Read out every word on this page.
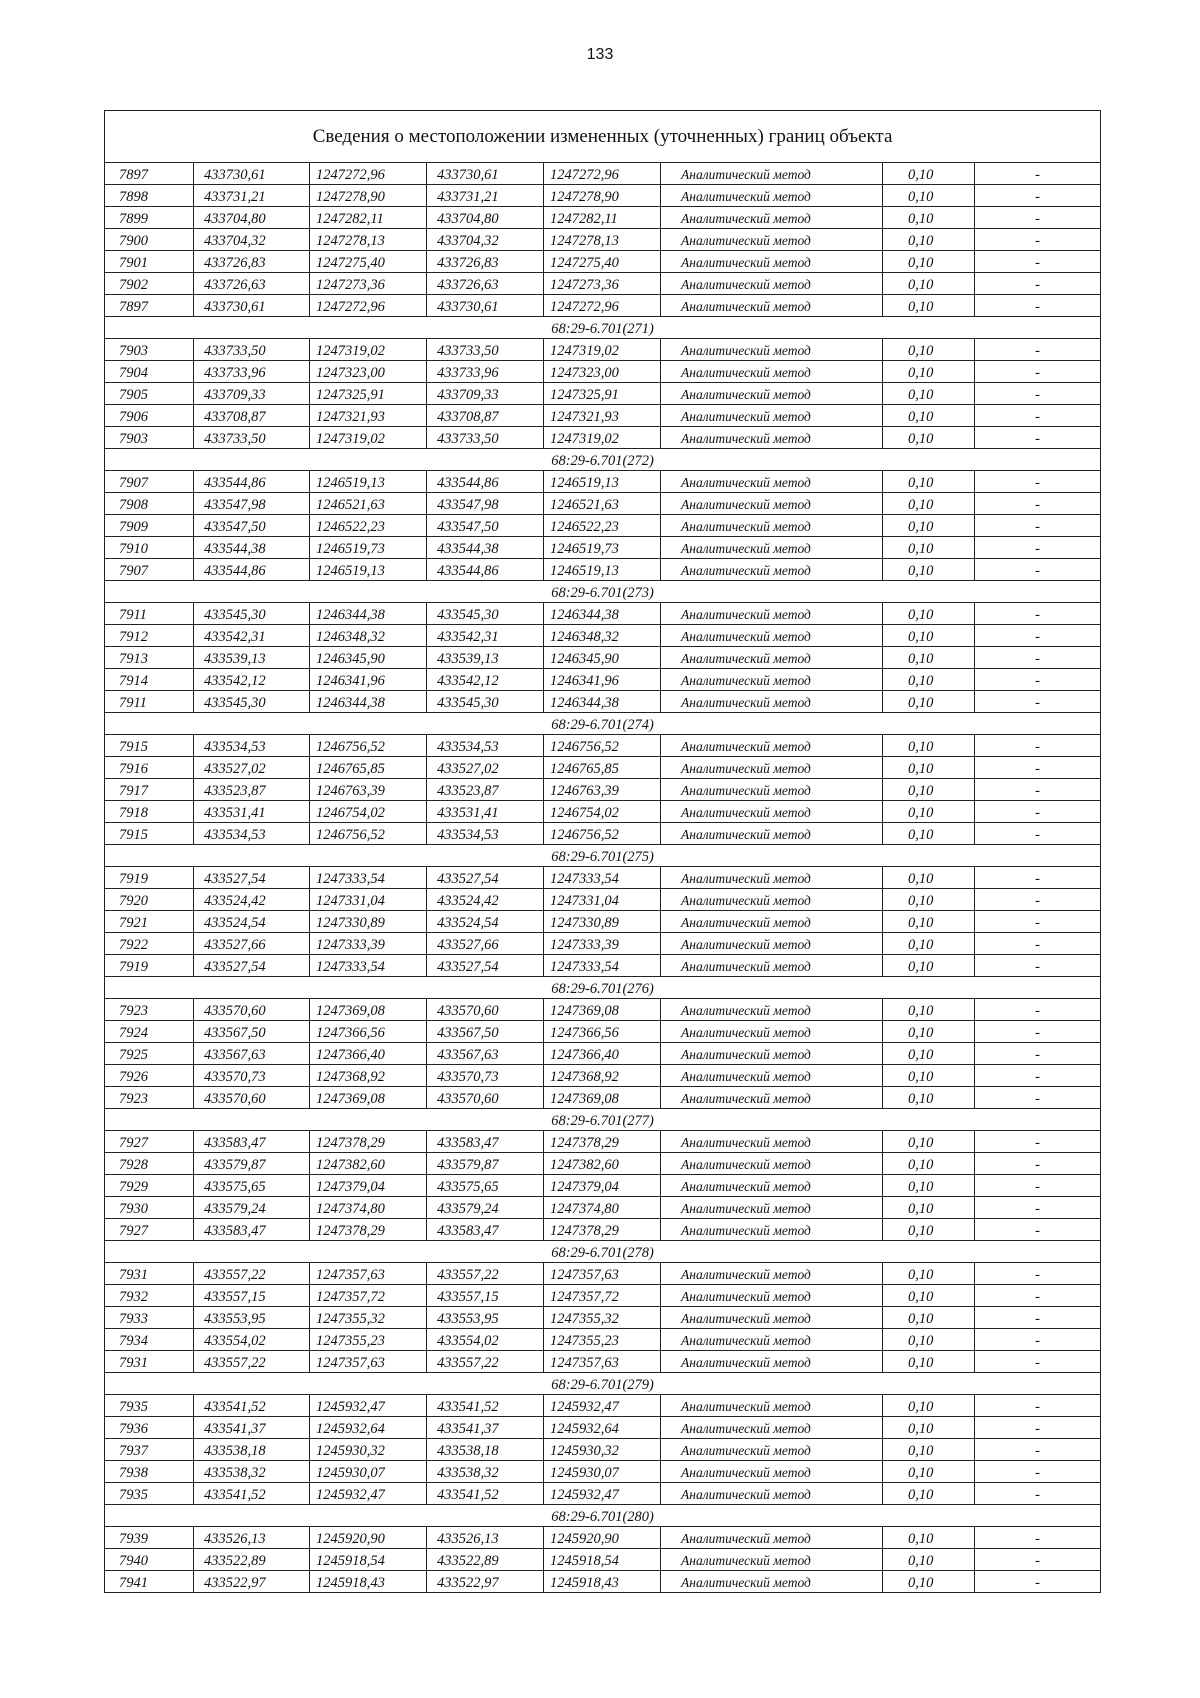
133
Сведения о местоположении измененных (уточненных) границ объекта							
7897	433730,61	1247272,96	433730,61	1247272,96	Аналитический метод	0,10	-
7898	433731,21	1247278,90	433731,21	1247278,90	Аналитический метод	0,10	-
7899	433704,80	1247282,11	433704,80	1247282,11	Аналитический метод	0,10	-
7900	433704,32	1247278,13	433704,32	1247278,13	Аналитический метод	0,10	-
7901	433726,83	1247275,40	433726,83	1247275,40	Аналитический метод	0,10	-
7902	433726,63	1247273,36	433726,63	1247273,36	Аналитический метод	0,10	-
7897	433730,61	1247272,96	433730,61	1247272,96	Аналитический метод	0,10	-
68:29-6.701(271)							
7903	433733,50	1247319,02	433733,50	1247319,02	Аналитический метод	0,10	-
7904	433733,96	1247323,00	433733,96	1247323,00	Аналитический метод	0,10	-
7905	433709,33	1247325,91	433709,33	1247325,91	Аналитический метод	0,10	-
7906	433708,87	1247321,93	433708,87	1247321,93	Аналитический метод	0,10	-
7903	433733,50	1247319,02	433733,50	1247319,02	Аналитический метод	0,10	-
68:29-6.701(272)							
7907	433544,86	1246519,13	433544,86	1246519,13	Аналитический метод	0,10	-
7908	433547,98	1246521,63	433547,98	1246521,63	Аналитический метод	0,10	-
7909	433547,50	1246522,23	433547,50	1246522,23	Аналитический метод	0,10	-
7910	433544,38	1246519,73	433544,38	1246519,73	Аналитический метод	0,10	-
7907	433544,86	1246519,13	433544,86	1246519,13	Аналитический метод	0,10	-
68:29-6.701(273)							
7911	433545,30	1246344,38	433545,30	1246344,38	Аналитический метод	0,10	-
7912	433542,31	1246348,32	433542,31	1246348,32	Аналитический метод	0,10	-
7913	433539,13	1246345,90	433539,13	1246345,90	Аналитический метод	0,10	-
7914	433542,12	1246341,96	433542,12	1246341,96	Аналитический метод	0,10	-
7911	433545,30	1246344,38	433545,30	1246344,38	Аналитический метод	0,10	-
68:29-6.701(274)							
7915	433534,53	1246756,52	433534,53	1246756,52	Аналитический метод	0,10	-
7916	433527,02	1246765,85	433527,02	1246765,85	Аналитический метод	0,10	-
7917	433523,87	1246763,39	433523,87	1246763,39	Аналитический метод	0,10	-
7918	433531,41	1246754,02	433531,41	1246754,02	Аналитический метод	0,10	-
7915	433534,53	1246756,52	433534,53	1246756,52	Аналитический метод	0,10	-
68:29-6.701(275)							
7919	433527,54	1247333,54	433527,54	1247333,54	Аналитический метод	0,10	-
7920	433524,42	1247331,04	433524,42	1247331,04	Аналитический метод	0,10	-
7921	433524,54	1247330,89	433524,54	1247330,89	Аналитический метод	0,10	-
7922	433527,66	1247333,39	433527,66	1247333,39	Аналитический метод	0,10	-
7919	433527,54	1247333,54	433527,54	1247333,54	Аналитический метод	0,10	-
68:29-6.701(276)							
7923	433570,60	1247369,08	433570,60	1247369,08	Аналитический метод	0,10	-
7924	433567,50	1247366,56	433567,50	1247366,56	Аналитический метод	0,10	-
7925	433567,63	1247366,40	433567,63	1247366,40	Аналитический метод	0,10	-
7926	433570,73	1247368,92	433570,73	1247368,92	Аналитический метод	0,10	-
7923	433570,60	1247369,08	433570,60	1247369,08	Аналитический метод	0,10	-
68:29-6.701(277)							
7927	433583,47	1247378,29	433583,47	1247378,29	Аналитический метод	0,10	-
7928	433579,87	1247382,60	433579,87	1247382,60	Аналитический метод	0,10	-
7929	433575,65	1247379,04	433575,65	1247379,04	Аналитический метод	0,10	-
7930	433579,24	1247374,80	433579,24	1247374,80	Аналитический метод	0,10	-
7927	433583,47	1247378,29	433583,47	1247378,29	Аналитический метод	0,10	-
68:29-6.701(278)							
7931	433557,22	1247357,63	433557,22	1247357,63	Аналитический метод	0,10	-
7932	433557,15	1247357,72	433557,15	1247357,72	Аналитический метод	0,10	-
7933	433553,95	1247355,32	433553,95	1247355,32	Аналитический метод	0,10	-
7934	433554,02	1247355,23	433554,02	1247355,23	Аналитический метод	0,10	-
7931	433557,22	1247357,63	433557,22	1247357,63	Аналитический метод	0,10	-
68:29-6.701(279)							
7935	433541,52	1245932,47	433541,52	1245932,47	Аналитический метод	0,10	-
7936	433541,37	1245932,64	433541,37	1245932,64	Аналитический метод	0,10	-
7937	433538,18	1245930,32	433538,18	1245930,32	Аналитический метод	0,10	-
7938	433538,32	1245930,07	433538,32	1245930,07	Аналитический метод	0,10	-
7935	433541,52	1245932,47	433541,52	1245932,47	Аналитический метод	0,10	-
68:29-6.701(280)							
7939	433526,13	1245920,90	433526,13	1245920,90	Аналитический метод	0,10	-
7940	433522,89	1245918,54	433522,89	1245918,54	Аналитический метод	0,10	-
7941	433522,97	1245918,43	433522,97	1245918,43	Аналитический метод	0,10	-
